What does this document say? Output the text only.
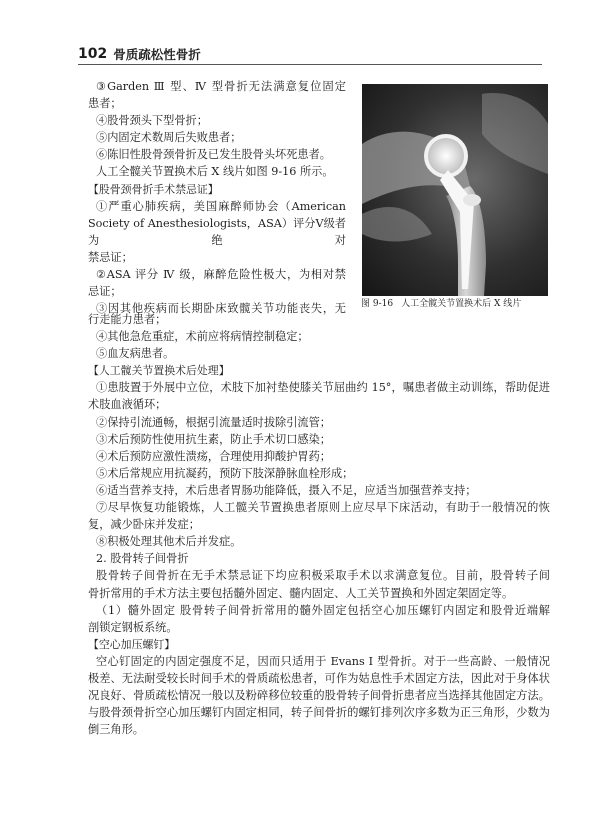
102 骨质疏松性骨折
③Garden Ⅲ 型、Ⅳ 型骨折无法满意复位固定
患者；
④股骨颈头下型骨折；
⑤内固定术数周后失败患者；
⑥陈旧性股骨颈骨折及已发生股骨头坏死患者。
人工全髋关节置换术后 X 线片如图 9-16 所示。
【股骨颈骨折手术禁忌证】
①严重心肺疾病，美国麻醉师协会（American
Society of Anesthesiologists，ASA）评分Ⅴ级者为绝对
禁忌证；
②ASA 评分 Ⅳ 级，麻醉危险性极大，为相对禁
忌证；
③因其他疾病而长期卧床致髋关节功能丧失，无 图 9-16 人工全髋关节置换术后 X 线片
行走能力患者；
④其他急危重症，术前应将病情控制稳定；
⑤血友病患者。
【人工髋关节置换术后处理】
①患肢置于外展中立位，术肢下加衬垫使膝关节屈曲约 15°，嘱患者做主动训练，帮助促进
术肢血液循环；
②保持引流通畅，根据引流量适时拔除引流管；
③术后预防性使用抗生素，防止手术切口感染；
④术后预防应激性溃疡，合理使用抑酸护胃药；
⑤术后常规应用抗凝药，预防下肢深静脉血栓形成；
⑥适当营养支持，术后患者胃肠功能降低，摄入不足，应适当加强营养支持；
⑦尽早恢复功能锻炼，人工髋关节置换患者原则上应尽早下床活动，有助于一般情况的恢
复，减少卧床并发症；
⑧积极处理其他术后并发症。
2. 股骨转子间骨折
股骨转子间骨折在无手术禁忌证下均应积极采取手术以求满意复位。目前，股骨转子间
骨折常用的手术方法主要包括髓外固定、髓内固定、人工关节置换和外固定架固定等。
（1）髓外固定 股骨转子间骨折常用的髓外固定包括空心加压螺钉内固定和股骨近端解
剖锁定钢板系统。
【空心加压螺钉】
空心钉固定的内固定强度不足，因而只适用于 Evans Ⅰ 型骨折。对于一些高龄、一般情况
极差、无法耐受较长时间手术的骨质疏松患者，可作为姑息性手术固定方法，因此对于身体状
况良好、骨质疏松情况一般以及粉碎移位较重的股骨转子间骨折患者应当选择其他固定方法。
与股骨颈骨折空心加压螺钉内固定相同，转子间骨折的螺钉排列次序多数为正三角形，少数为
倒三角形。
